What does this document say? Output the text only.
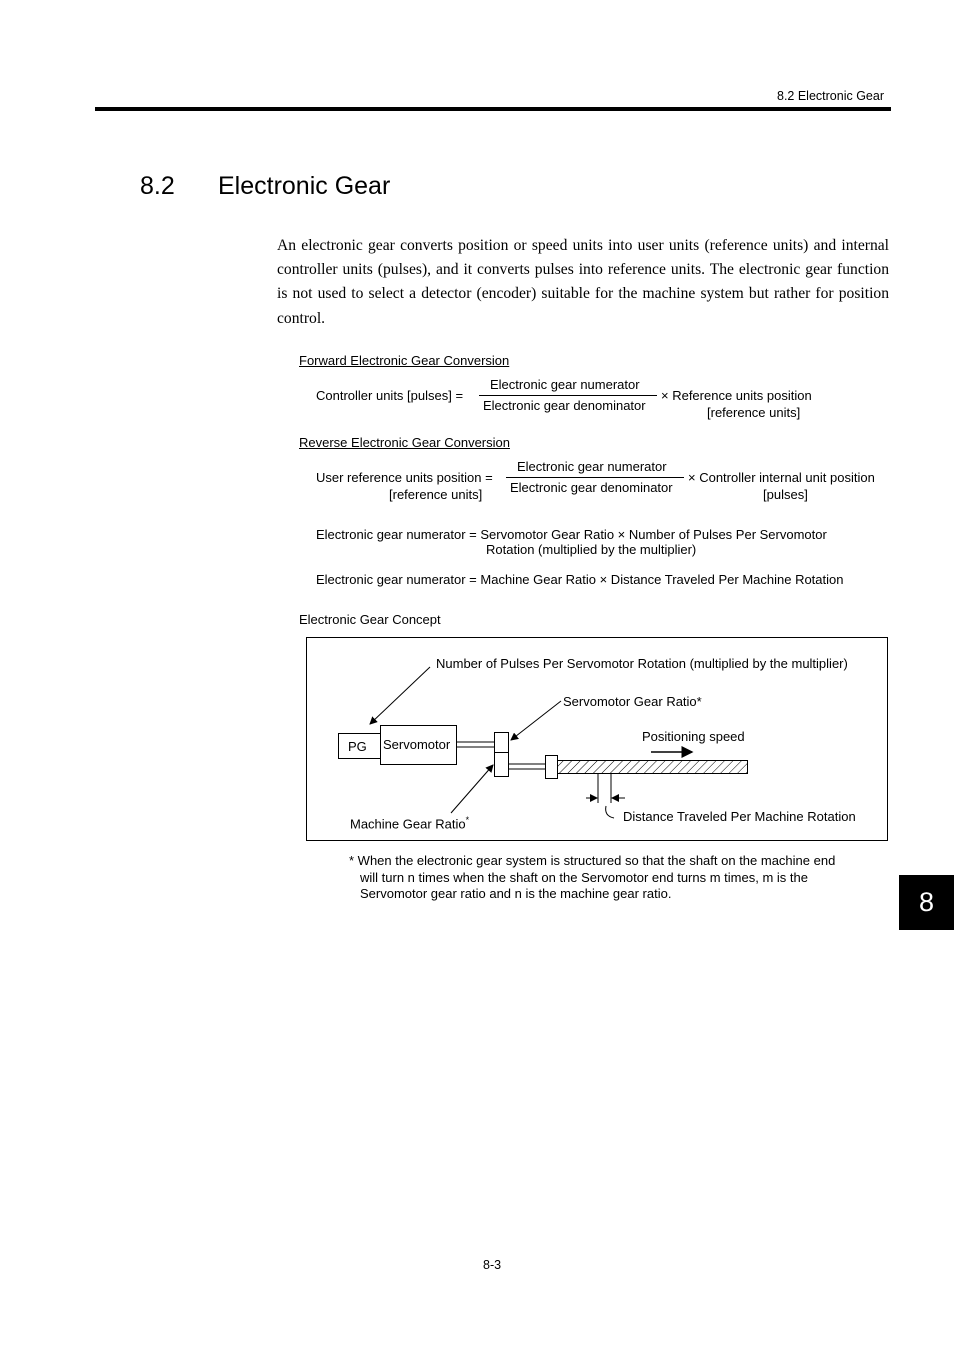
8.2 Electronic Gear
8.2 Electronic Gear
An electronic gear converts position or speed units into user units (reference units) and internal controller units (pulses), and it converts pulses into reference units. The electronic gear function is not used to select a detector (encoder) suitable for the machine system but rather for position control.
Forward Electronic Gear Conversion
Controller units [pulses] =
Electronic gear numerator
Electronic gear denominator
× Reference units position
[reference units]
Reverse Electronic Gear Conversion
User reference units position =
[reference units]
Electronic gear numerator
Electronic gear denominator
× Controller internal unit position
[pulses]
Electronic gear numerator = Servomotor Gear Ratio × Number of Pulses Per Servomotor
Rotation (multiplied by the multiplier)
Electronic gear numerator = Machine Gear Ratio × Distance Traveled Per Machine Rotation
Electronic Gear Concept
Number of Pulses Per Servomotor Rotation (multiplied by the multiplier)
Servomotor Gear Ratio*
Positioning speed
PG Servomotor
Machine Gear Ratio*	Distance Traveled Per Machine Rotation
* When the electronic gear system is structured so that the shaft on the machine end
will turn n times when the shaft on the Servomotor end turns m times, m is the
Servomotor gear ratio and n is the machine gear ratio.	8
8-3
